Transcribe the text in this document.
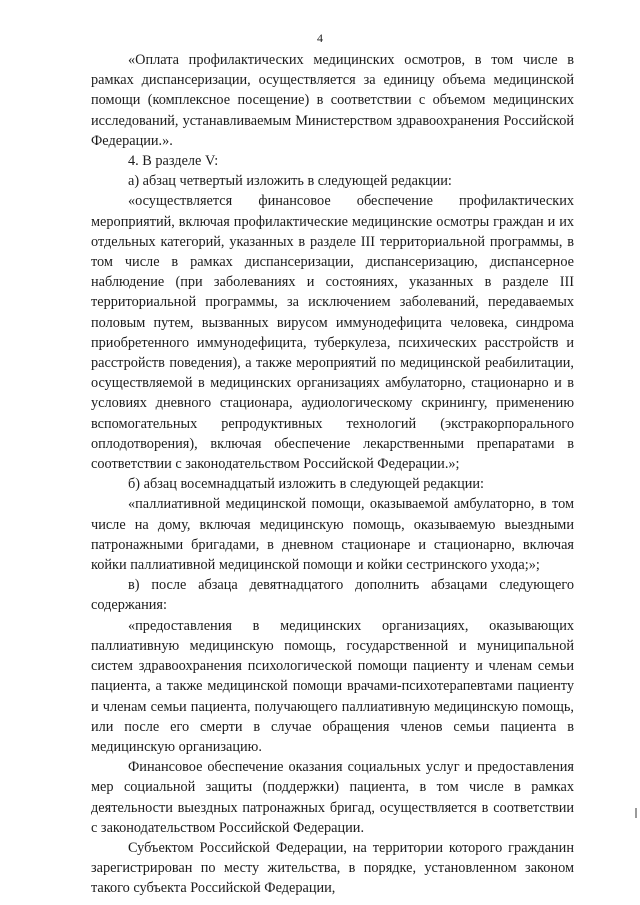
4

«Оплата профилактических медицинских осмотров, в том числе в рамках диспансеризации, осуществляется за единицу объема медицинской помощи (комплексное посещение) в соответствии с объемом медицинских исследований, устанавливаемым Министерством здравоохранения Российской Федерации.».

4. В разделе V:

а) абзац четвертый изложить в следующей редакции:

«осуществляется финансовое обеспечение профилактических мероприятий, включая профилактические медицинские осмотры граждан и их отдельных категорий, указанных в разделе III территориальной программы, в том числе в рамках диспансеризации, диспансеризацию, диспансерное наблюдение (при заболеваниях и состояниях, указанных в разделе III территориальной программы, за исключением заболеваний, передаваемых половым путем, вызванных вирусом иммунодефицита человека, синдрома приобретенного иммунодефицита, туберкулеза, психических расстройств и расстройств поведения), а также мероприятий по медицинской реабилитации, осуществляемой в медицинских организациях амбулаторно, стационарно и в условиях дневного стационара, аудиологическому скринингу, применению вспомогательных репродуктивных технологий (экстракорпорального оплодотворения), включая обеспечение лекарственными препаратами в соответствии с законодательством Российской Федерации.»;

б) абзац восемнадцатый изложить в следующей редакции:

«паллиативной медицинской помощи, оказываемой амбулаторно, в том числе на дому, включая медицинскую помощь, оказываемую выездными патронажными бригадами, в дневном стационаре и стационарно, включая койки паллиативной медицинской помощи и койки сестринского ухода;»;

в) после абзаца девятнадцатого дополнить абзацами следующего содержания:

«предоставления в медицинских организациях, оказывающих паллиативную медицинскую помощь, государственной и муниципальной систем здравоохранения психологической помощи пациенту и членам семьи пациента, а также медицинской помощи врачами-психотерапевтами пациенту и членам семьи пациента, получающего паллиативную медицинскую помощь, или после его смерти в случае обращения членов семьи пациента в медицинскую организацию.

Финансовое обеспечение оказания социальных услуг и предоставления мер социальной защиты (поддержки) пациента, в том числе в рамках деятельности выездных патронажных бригад, осуществляется в соответствии с законодательством Российской Федерации.

Субъектом Российской Федерации, на территории которого гражданин зарегистрирован по месту жительства, в порядке, установленном законом такого субъекта Российской Федерации,
